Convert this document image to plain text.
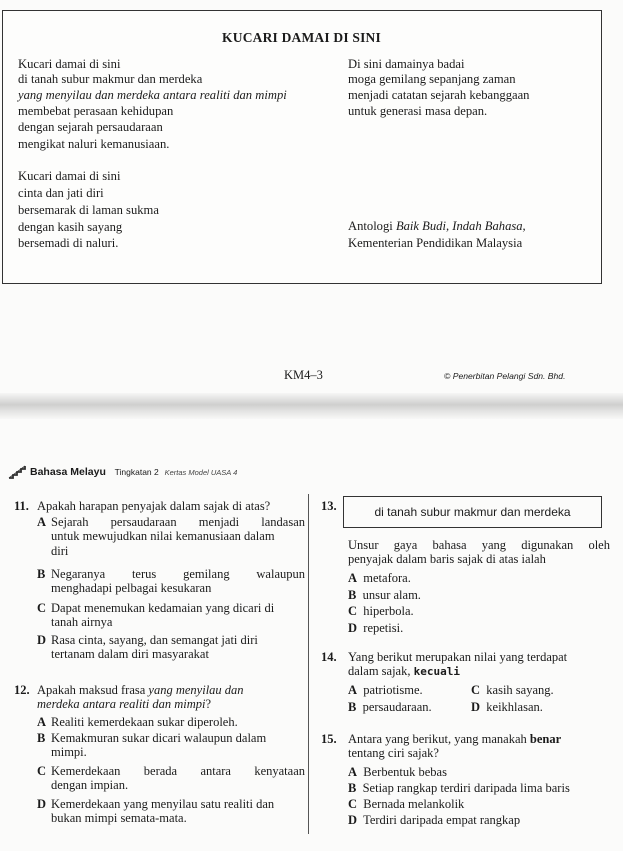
KUCARI DAMAI DI SINI
Kucari damai di sini
di tanah subur makmur dan merdeka
yang menyilau dan merdeka antara realiti dan mimpi
membebat perasaan kehidupan
dengan sejarah persaudaraan
mengikat naluri kemanusiaan.
Kucari damai di sini
cinta dan jati diri
bersemarak di laman sukma
dengan kasih sayang
bersemadi di naluri.
Di sini damainya badai
moga gemilang sepanjang zaman
menjadi catatan sejarah kebanggaan
untuk generasi masa depan.
Antologi Baik Budi, Indah Bahasa,
Kementerian Pendidikan Malaysia
KM4–3	© Penerbitan Pelangi Sdn. Bhd.
Bahasa Melayu Tingkatan 2 Kertas Model UASA 4
11. Apakah harapan penyajak dalam sajak di atas?
A Sejarah persaudaraan menjadi landasan
untuk mewujudkan nilai kemanusiaan dalam
diri
B Negaranya terus gemilang walaupun
menghadapi pelbagai kesukaran
C Dapat menemukan kedamaian yang dicari di
tanah airnya
D Rasa cinta, sayang, dan semangat jati diri
tertanam dalam diri masyarakat
12. Apakah maksud frasa yang menyilau dan
merdeka antara realiti dan mimpi?
A Realiti kemerdekaan sukar diperoleh.
B Kemakmuran sukar dicari walaupun dalam
mimpi.
C Kemerdekaan berada antara kenyataan
dengan impian.
D Kemerdekaan yang menyilau satu realiti dan
bukan mimpi semata-mata.
13.	di tanah subur makmur dan merdeka
Unsur gaya bahasa yang digunakan oleh
penyajak dalam baris sajak di atas ialah
A metafora.
B unsur alam.
C hiperbola.
D repetisi.
14. Yang berikut merupakan nilai yang terdapat
dalam sajak, kecuali
A patriotisme.	C kasih sayang.
B persaudaraan.	D keikhlasan.
15. Antara yang berikut, yang manakah benar
tentang ciri sajak?
A Berbentuk bebas
B Setiap rangkap terdiri daripada lima baris
C Bernada melankolik
D Terdiri daripada empat rangkap
